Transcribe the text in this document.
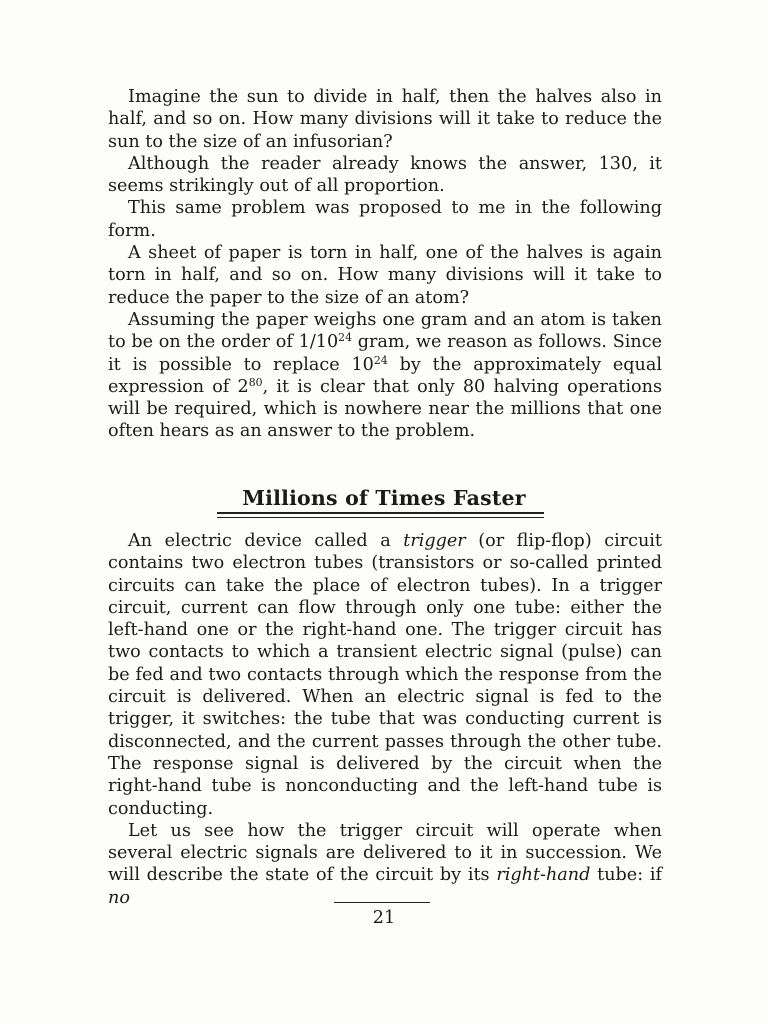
Imagine the sun to divide in half, then the halves also in half, and so on. How many divisions will it take to reduce the sun to the size of an infusorian?

Although the reader already knows the answer, 130, it seems strikingly out of all proportion.

This same problem was proposed to me in the following form.

A sheet of paper is torn in half, one of the halves is again torn in half, and so on. How many divisions will it take to reduce the paper to the size of an atom?

Assuming the paper weighs one gram and an atom is taken to be on the order of $1/10^{24}$ gram, we reason as follows. Since it is possible to replace $10^{24}$ by the approximately equal expression of $2^{80}$, it is clear that only 80 halving operations will be required, which is nowhere near the millions that one often hears as an answer to the problem.

Millions of Times Faster

An electric device called a trigger (or flip-flop) circuit contains two electron tubes (transistors or so-called printed circuits can take the place of electron tubes). In a trigger circuit, current can flow through only one tube: either the left-hand one or the right-hand one. The trigger circuit has two contacts to which a transient electric signal (pulse) can be fed and two contacts through which the response from the circuit is delivered. When an electric signal is fed to the trigger, it switches: the tube that was conducting current is disconnected, and the current passes through the other tube. The response signal is delivered by the circuit when the right-hand tube is nonconducting and the left-hand tube is conducting.

Let us see how the trigger circuit will operate when several electric signals are delivered to it in succession. We will describe the state of the circuit by its right-hand tube: if no

21
